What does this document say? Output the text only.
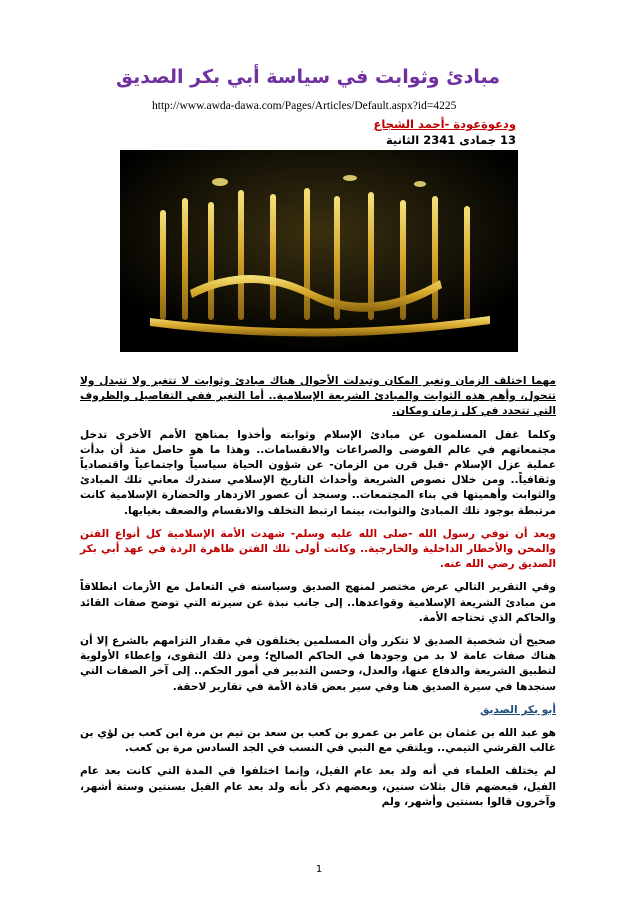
مبادئ وثوابت في سياسة أبي بكر الصديق
http://www.awda-dawa.com/Pages/Articles/Default.aspx?id=4225
ودعوةعودة -أحمد الشجاع
13 جمادى 2341 الثانية

مهما اختلف الزمان وتغير المكان وتبدلت الأحوال هناك مبادئ وثوابت لا تتغير ولا تتبدل ولا تتحول، وأهم هذه الثوابت والمبادئ الشريعة الإسلامية.. أما التغير ففي التفاصيل والظروف التي تتجدد في كل زمان ومكان.

وكلما غفل المسلمون عن مبادئ الإسلام وثوابته وأخذوا بمناهج الأمم الأخرى تدخل مجتمعاتهم في عالم الفوضى والصراعات والانقسامات.. وهذا ما هو حاصل منذ أن بدأت عملية عزل الإسلام -قبل قرن من الزمان- عن شؤون الحياة سياسياً واجتماعياً واقتصادياً وثقافياً.. ومن خلال نصوص الشريعة وأحداث التاريخ الإسلامي سندرك معاني تلك المبادئ والثوابت وأهميتها في بناء المجتمعات.. وسنجد أن عصور الازدهار والحضارة الإسلامية كانت مرتبطة بوجود تلك المبادئ والثوابت، بينما ارتبط التخلف والانقسام والضعف بغيابها.

وبعد أن توفي رسول الله -صلى الله عليه وسلم- شهدت الأمة الإسلامية كل أنواع الفتن والمحن والأخطار الداخلية والخارجية.. وكانت أولى تلك الفتن ظاهرة الردة في عهد أبي بكر الصديق رضي الله عنه.

وفي التقرير التالي عرض مختصر لمنهج الصديق وسياسته في التعامل مع الأزمات انطلاقاً من مبادئ الشريعة الإسلامية وقواعدها.. إلى جانب نبذة عن سيرته التي توضح صفات القائد والحاكم الذي تحتاجه الأمة.

صحيح أن شخصية الصديق لا تتكرر وأن المسلمين يختلفون في مقدار التزامهم بالشرع إلا أن هناك صفات عامة لا بد من وجودها في الحاكم الصالح؛ ومن ذلك التقوى، وإعطاء الأولوية لتطبيق الشريعة والدفاع عنها، والعدل، وحسن التدبير في أمور الحكم.. إلى آخر الصفات التي سنجدها في سيرة الصديق هنا وفي سير بعض قادة الأمة في تقارير لاحقة.

أبو بكر الصديق

هو عبد الله بن عثمان بن عامر بن عمرو بن كعب بن سعد بن تيم بن مرة ابن كعب بن لؤي بن غالب القرشي التيمي.. ويلتقي مع النبي في النسب في الجد السادس مرة بن كعب.

لم يختلف العلماء في أنه ولد بعد عام الفيل، وإنما اختلفوا في المدة التي كانت بعد عام الفيل، فبعضهم قال بثلاث سنين، وبعضهم ذكر بأنه ولد بعد عام الفيل بسنتين وستة أشهر، وآخرون قالوا بسنتين وأشهر، ولم

1
